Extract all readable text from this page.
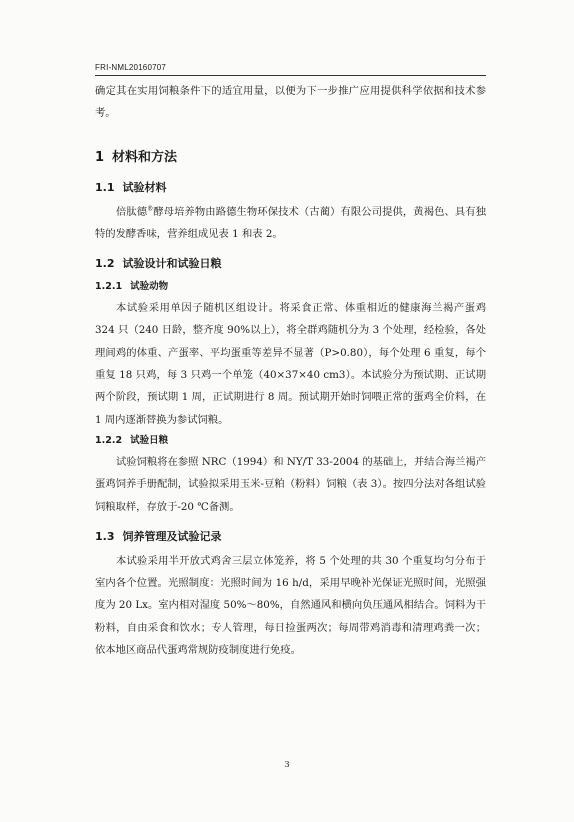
FRI-NML20160707

确定其在实用饲粮条件下的适宜用量，以便为下一步推广应用提供科学依据和技术参考。

1 材料和方法
1.1 试验材料

倍肽德®酵母培养物由路德生物环保技术（古蔺）有限公司提供，黄褐色、具有独特的发酵香味，营养组成见表 1 和表 2。

1.2 试验设计和试验日粮
1.2.1 试验动物

本试验采用单因子随机区组设计。将采食正常、体重相近的健康海兰褐产蛋鸡 324 只（240 日龄，整齐度 90%以上），将全群鸡随机分为 3 个处理，经检验，各处理间鸡的体重、产蛋率、平均蛋重等差异不显著（P>0.80），每个处理 6 重复，每个重复 18 只鸡，每 3 只鸡一个单笼（40×37×40 cm3）。本试验分为预试期、正试期两个阶段，预试期 1 周，正试期进行 8 周。预试期开始时饲喂正常的蛋鸡全价料，在 1 周内逐渐替换为参试饲粮。

1.2.2 试验日粮

试验饲粮将在参照 NRC（1994）和 NY/T 33-2004 的基础上，并结合海兰褐产蛋鸡饲养手册配制，试验拟采用玉米-豆粕（粉料）饲粮（表 3）。按四分法对各组试验饲粮取样，存放于-20 ℃备测。

1.3 饲养管理及试验记录

本试验采用半开放式鸡舍三层立体笼养，将 5 个处理的共 30 个重复均匀分布于室内各个位置。光照制度：光照时间为 16 h/d，采用早晚补光保证光照时间，光照强度为 20 Lx。室内相对湿度 50%～80%，自然通风和横向负压通风相结合。饲料为干粉料，自由采食和饮水；专人管理，每日捡蛋两次；每周带鸡消毒和清理鸡粪一次；依本地区商品代蛋鸡常规防疫制度进行免疫。

3
